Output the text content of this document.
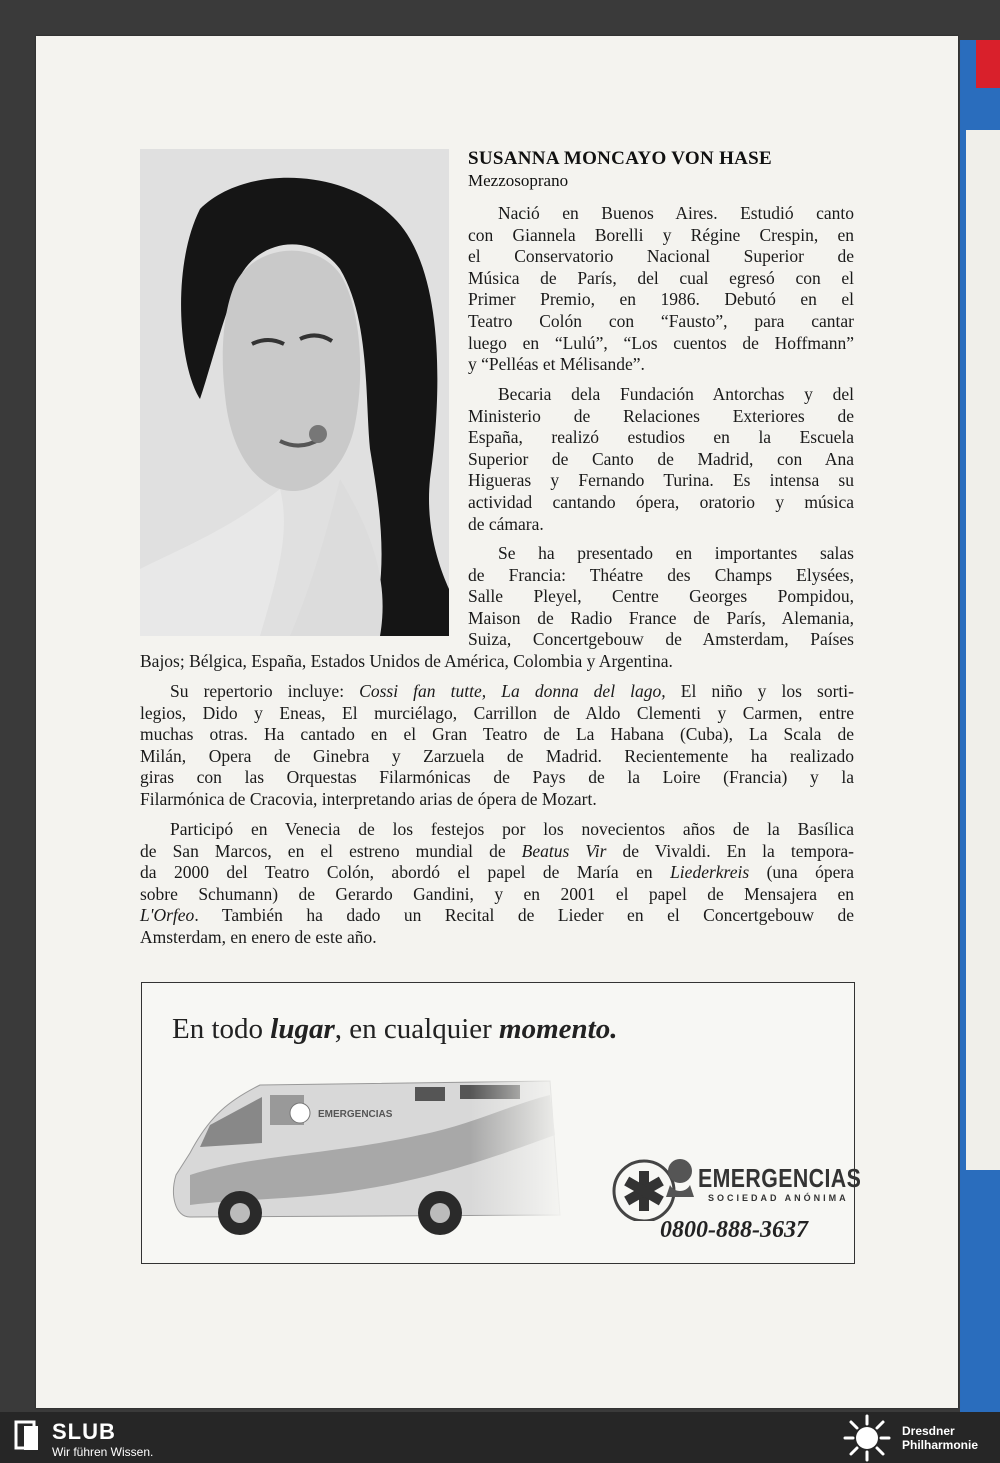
SUSANNA MONCAYO VON HASE
Mezzosoprano

Nació en Buenos Aires. Estudió canto
con Giannela Borelli y Régine Crespin, en
el Conservatorio Nacional Superior de
Música de París, del cual egresó con el
Primer Premio, en 1986. Debutó en el
Teatro Colón con “Fausto”, para cantar
luego en “Lulú”, “Los cuentos de Hoffmann”
y “Pelléas et Mélisande”.

Becaria dela Fundación Antorchas y del
Ministerio de Relaciones Exteriores de
España, realizó estudios en la Escuela
Superior de Canto de Madrid, con Ana
Higueras y Fernando Turina. Es intensa su
actividad cantando ópera, oratorio y música
de cámara.

Se ha presentado en importantes salas
de Francia: Théatre des Champs Elysées,
Salle Pleyel, Centre Georges Pompidou,
Maison de Radio France de París, Alemania,
Suiza, Concertgebouw de Amsterdam, Países

Bajos; Bélgica, España, Estados Unidos de América, Colombia y Argentina.

Su repertorio incluye: Cossi fan tutte, La donna del lago, El niño y los sorti-
legios, Dido y Eneas, El murciélago, Carrillon de Aldo Clementi y Carmen, entre
muchas otras. Ha cantado en el Gran Teatro de La Habana (Cuba), La Scala de
Milán, Opera de Ginebra y Zarzuela de Madrid. Recientemente ha realizado
giras con las Orquestas Filarmónicas de Pays de la Loire (Francia) y la
Filarmónica de Cracovia, interpretando arias de ópera de Mozart.

Participó en Venecia de los festejos por los novecientos años de la Basílica
de San Marcos, en el estreno mundial de Beatus Vir de Vivaldi. En la tempora-
da 2000 del Teatro Colón, abordó el papel de María en Liederkreis (una ópera
sobre Schumann) de Gerardo Gandini, y en 2001 el papel de Mensajera en
L'Orfeo. También ha dado un Recital de Lieder en el Concertgebouw de
Amsterdam, en enero de este año.

En todo lugar, en cualquier momento.
EMERGENCIAS
SOCIEDAD ANÓNIMA
0800-888-3637
SLUB
Wir führen Wissen.
Dresdner
Philharmonie
